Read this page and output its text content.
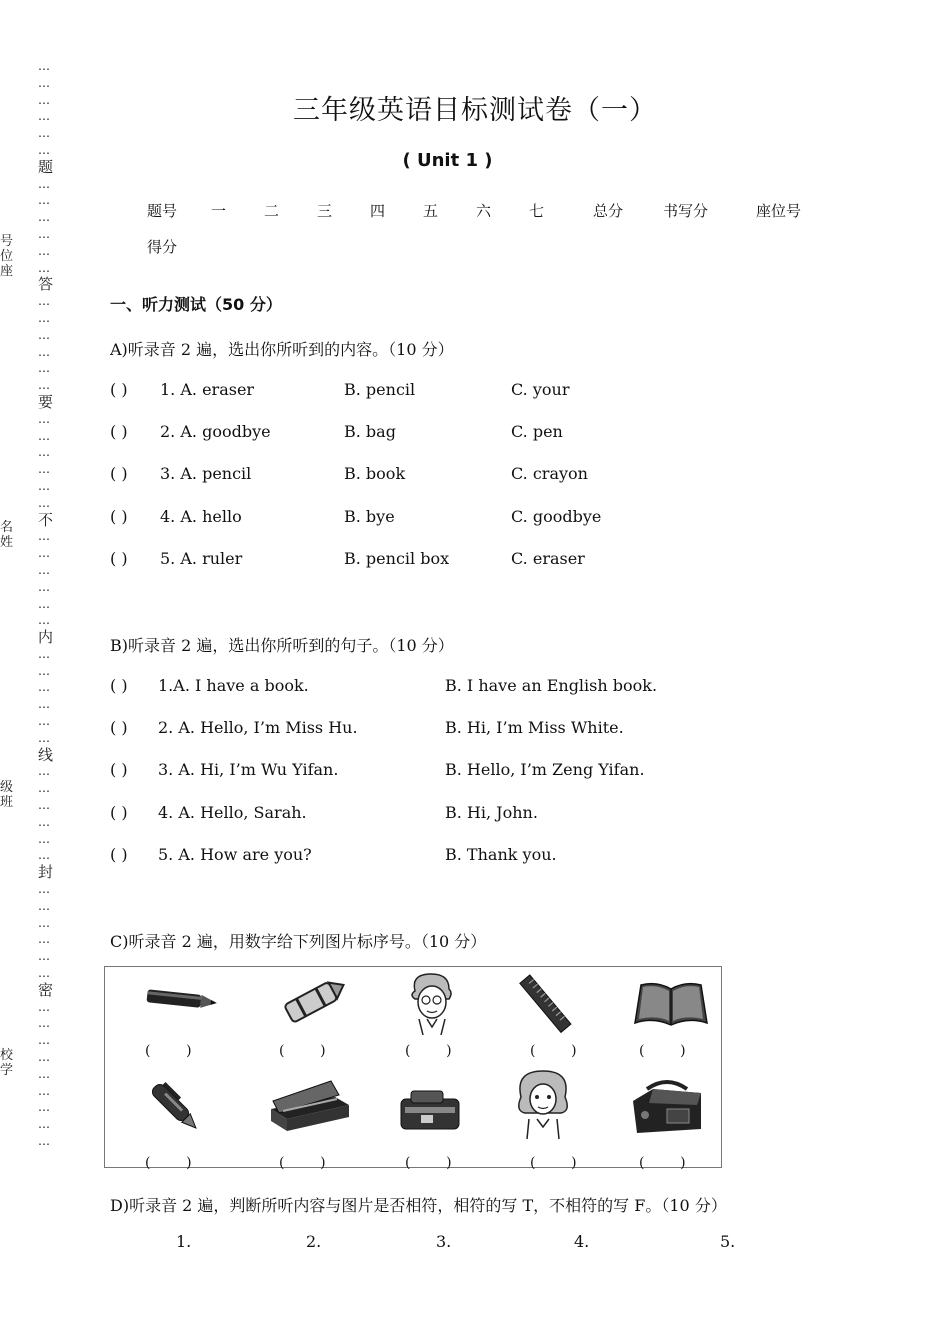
…
…
…
…
…
…
题
…
…
…
…
…
…
答
…
…
…
…
…
…
要
…
…
…
…
…
…
不
…
…
…
…
…
…
内
…
…
…
…
…
…
线
…
…
…
…
…
…
封
…
…
…
…
…
…
密
…
…
…
…
…
…
…
…
…
号
位
座
名
姓
级
班
校
学
三年级英语目标测试卷（一）
( Unit 1 )
题号 一	二	三	四	五	六	七	总分	书写分	座位号
得分
一、听力测试（50 分）
A)听录音 2 遍，选出你所听到的内容。（10 分）
( ) 1. A. eraser	B. pencil	C. your
( ) 2. A. goodbye	B. bag	C. pen
( ) 3. A. pencil	B. book	C. crayon
( ) 4. A. hello	B. bye	C. goodbye
( ) 5. A. ruler	B. pencil box	C. eraser
B)听录音 2 遍，选出你所听到的句子。（10 分）
( ) 1.A. I have a book.	B. I have an English book.
( ) 2. A. Hello, I’m Miss Hu.	B. Hi, I’m Miss White.
( ) 3. A. Hi, I’m Wu Yifan.	B. Hello, I’m Zeng Yifan.
( ) 4. A. Hello, Sarah.	B. Hi, John.
( ) 5. A. How are you?	B. Thank you.
C)听录音 2 遍，用数字给下列图片标序号。（10 分）
(        )	(        )	(        )	(        )	(        )
(        )	(        )	(        )	(        )	(        )
D)听录音 2 遍，判断所听内容与图片是否相符，相符的写 T，不相符的写 F。（10 分）
1.	2.	3.	4.	5.
